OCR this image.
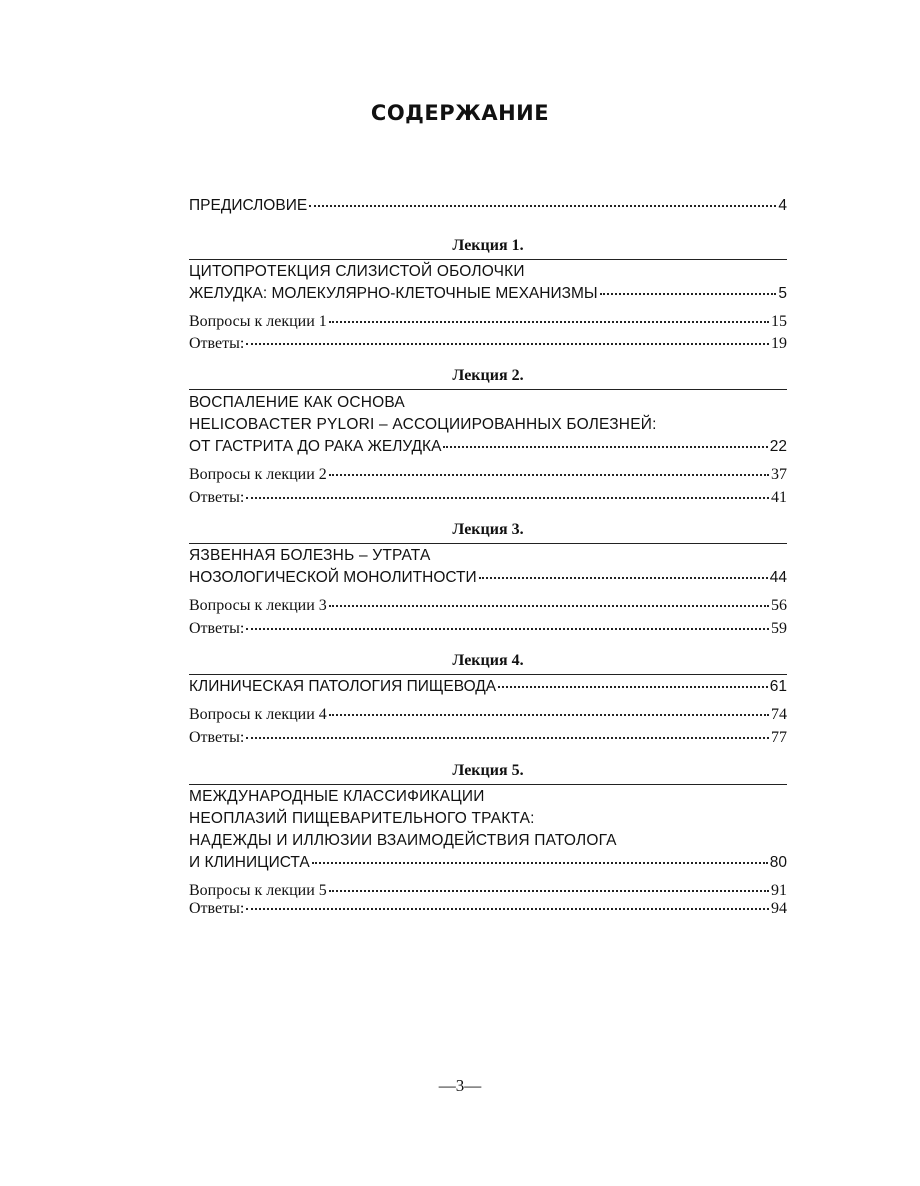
СОДЕРЖАНИЕ
ПРЕДИСЛОВИЕ	4
Лекция 1.
ЦИТОПРОТЕКЦИЯ СЛИЗИСТОЙ ОБОЛОЧКИ
ЖЕЛУДКА: МОЛЕКУЛЯРНО-КЛЕТОЧНЫЕ МЕХАНИЗМЫ	5
Вопросы к лекции 1	15
Ответы:	19
Лекция 2.
ВОСПАЛЕНИЕ КАК ОСНОВА
HELICOBACTER PYLORI – АССОЦИИРОВАННЫХ БОЛЕЗНЕЙ:
ОТ ГАСТРИТА ДО РАКА ЖЕЛУДКА	22
Вопросы к лекции 2	37
Ответы:	41
Лекция 3.
ЯЗВЕННАЯ БОЛЕЗНЬ – УТРАТА
НОЗОЛОГИЧЕСКОЙ МОНОЛИТНОСТИ	44
Вопросы к лекции 3	56
Ответы:	59
Лекция 4.
КЛИНИЧЕСКАЯ ПАТОЛОГИЯ ПИЩЕВОДА	61
Вопросы к лекции 4	74
Ответы:	77
Лекция 5.
МЕЖДУНАРОДНЫЕ КЛАССИФИКАЦИИ
НЕОПЛАЗИЙ ПИЩЕВАРИТЕЛЬНОГО ТРАКТА:
НАДЕЖДЫ И ИЛЛЮЗИИ ВЗАИМОДЕЙСТВИЯ ПАТОЛОГА
И КЛИНИЦИСТА	80
Вопросы к лекции 5	91
Ответы:	94
—3—
